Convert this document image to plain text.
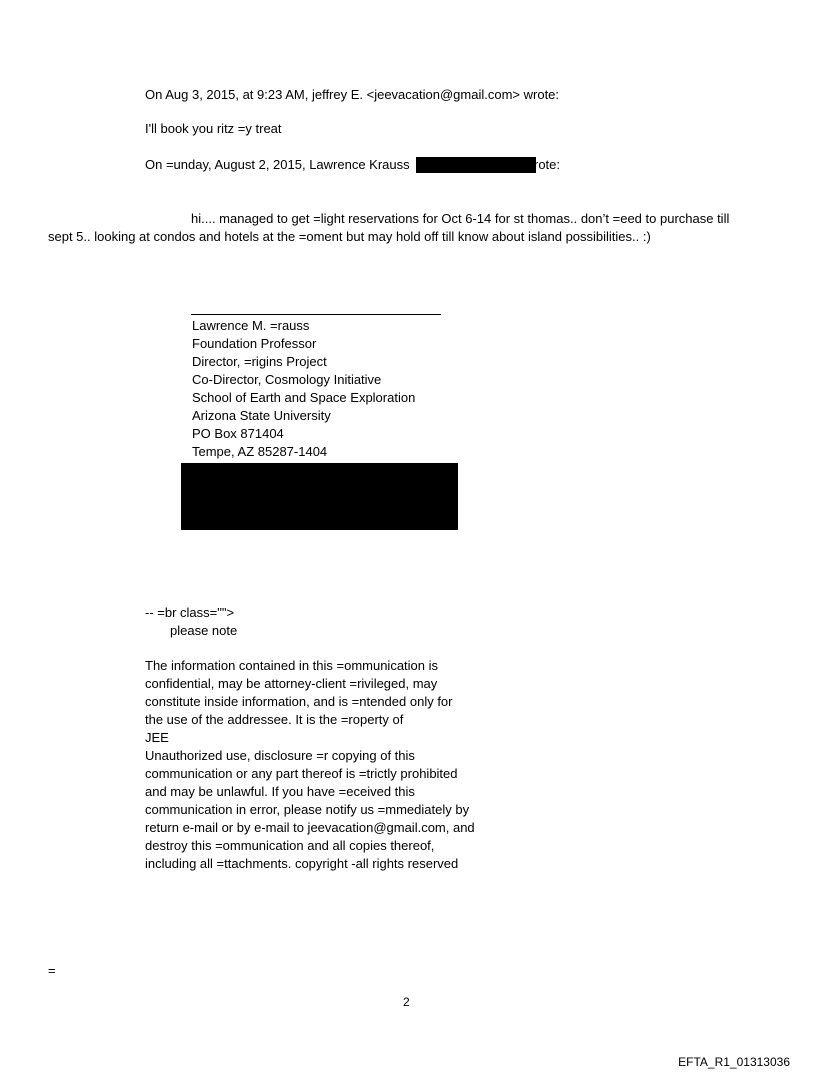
On Aug 3, 2015, at 9:23 AM, jeffrey E. <jeevacation@gmail.com> wrote:
I'll book you ritz =y treat
On =unday, August 2, 2015, Lawrence Krauss	rote:
hi.... managed to get =light reservations for Oct 6-14 for st thomas.. don’t =eed to purchase till
sept 5.. looking at condos and hotels at the =oment but may hold off till know about island possibilities.. :)
Lawrence M. =rauss
Foundation Professor
Director, =rigins Project
Co-Director, Cosmology Initiative
School of Earth and Space Exploration
Arizona State University
PO Box 871404
Tempe, AZ 85287-1404
-- =br class="">
please note
The information contained in this =ommunication is
confidential, may be attorney-client =rivileged, may
constitute inside information, and is =ntended only for
the use of the addressee. It is the =roperty of
JEE
Unauthorized use, disclosure =r copying of this
communication or any part thereof is =trictly prohibited
and may be unlawful. If you have =eceived this
communication in error, please notify us =mmediately by
return e-mail or by e-mail to jeevacation@gmail.com, and
destroy this =ommunication and all copies thereof,
including all =ttachments. copyright -all rights reserved
=
2
EFTA_R1_01313036
